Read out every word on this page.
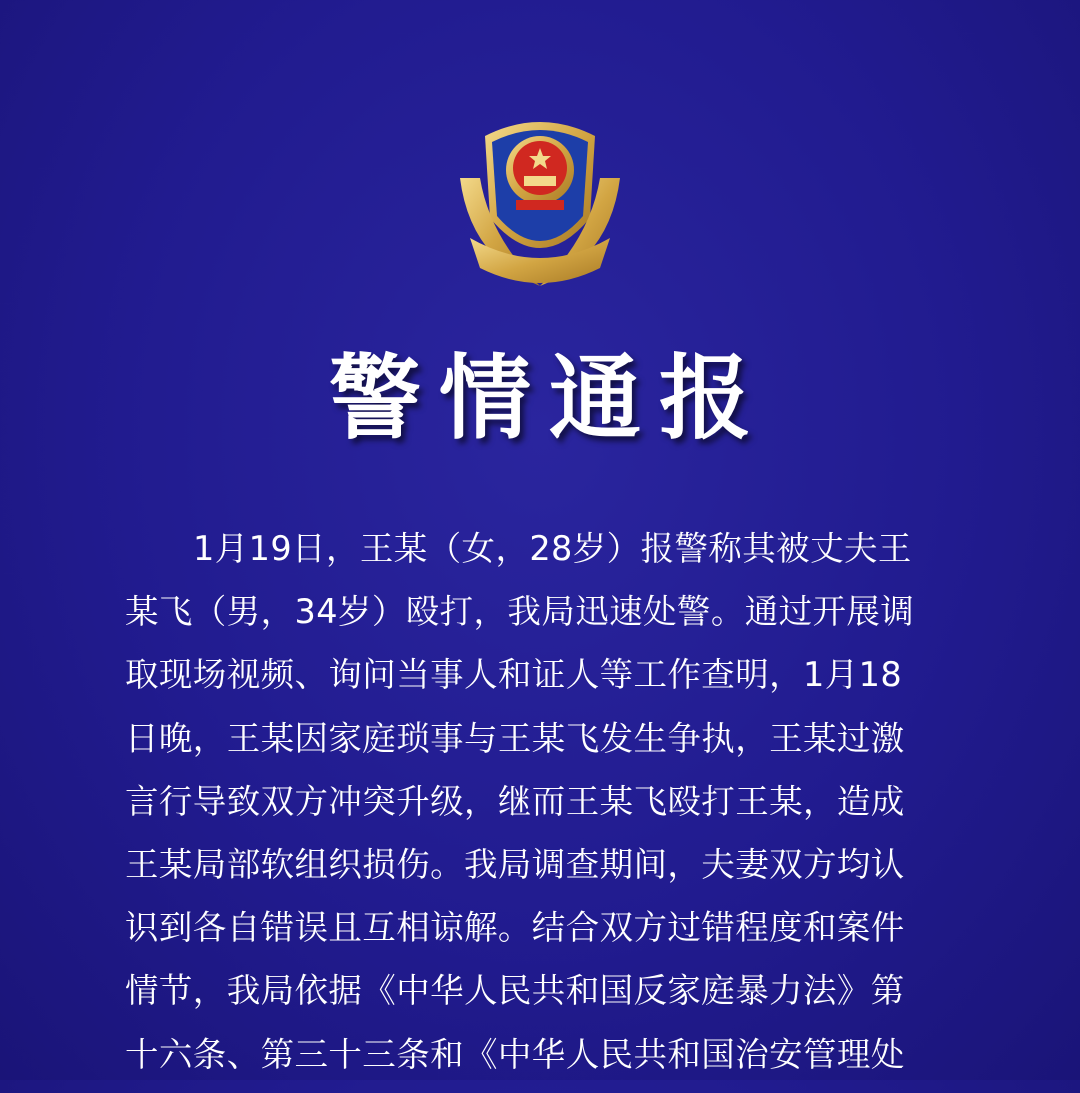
警情通报
1月19日，王某（女，28岁）报警称其被丈夫王
某飞（男，34岁）殴打，我局迅速处警。通过开展调
取现场视频、询问当事人和证人等工作查明，1月18
日晚，王某因家庭琐事与王某飞发生争执，王某过激
言行导致双方冲突升级，继而王某飞殴打王某，造成
王某局部软组织损伤。我局调查期间，夫妻双方均认
识到各自错误且互相谅解。结合双方过错程度和案件
情节，我局依据《中华人民共和国反家庭暴力法》第
十六条、第三十三条和《中华人民共和国治安管理处
